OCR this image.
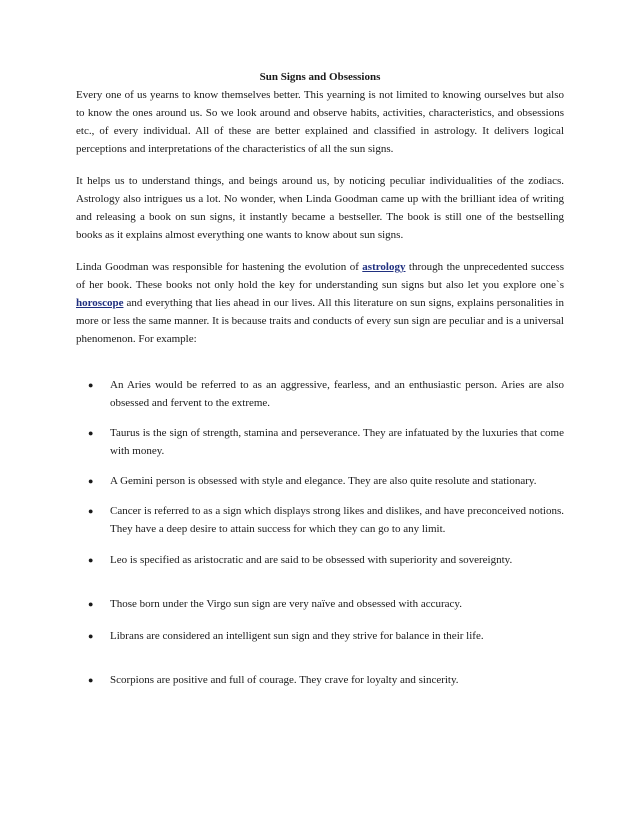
Sun Signs and Obsessions

Every one of us yearns to know themselves better. This yearning is not limited to knowing ourselves but also to know the ones around us. So we look around and observe habits, activities, characteristics, and obsessions etc., of every individual. All of these are better explained and classified in astrology. It delivers logical perceptions and interpretations of the characteristics of all the sun signs.

It helps us to understand things, and beings around us, by noticing peculiar individualities of the zodiacs. Astrology also intrigues us a lot. No wonder, when Linda Goodman came up with the brilliant idea of writing and releasing a book on sun signs, it instantly became a bestseller. The book is still one of the bestselling books as it explains almost everything one wants to know about sun signs.

Linda Goodman was responsible for hastening the evolution of astrology through the unprecedented success of her book. These books not only hold the key for understanding sun signs but also let you explore one`s horoscope and everything that lies ahead in our lives. All this literature on sun signs, explains personalities in more or less the same manner. It is because traits and conducts of every sun sign are peculiar and is a universal phenomenon. For example:

● An Aries would be referred to as an aggressive, fearless, and an enthusiastic person. Aries are also obsessed and fervent to the extreme.
● Taurus is the sign of strength, stamina and perseverance. They are infatuated by the luxuries that come with money.
● A Gemini person is obsessed with style and elegance. They are also quite resolute and stationary.
● Cancer is referred to as a sign which displays strong likes and dislikes, and have preconceived notions. They have a deep desire to attain success for which they can go to any limit.
● Leo is specified as aristocratic and are said to be obsessed with superiority and sovereignty.
● Those born under the Virgo sun sign are very naïve and obsessed with accuracy.
● Librans are considered an intelligent sun sign and they strive for balance in their life.
● Scorpions are positive and full of courage. They crave for loyalty and sincerity.
